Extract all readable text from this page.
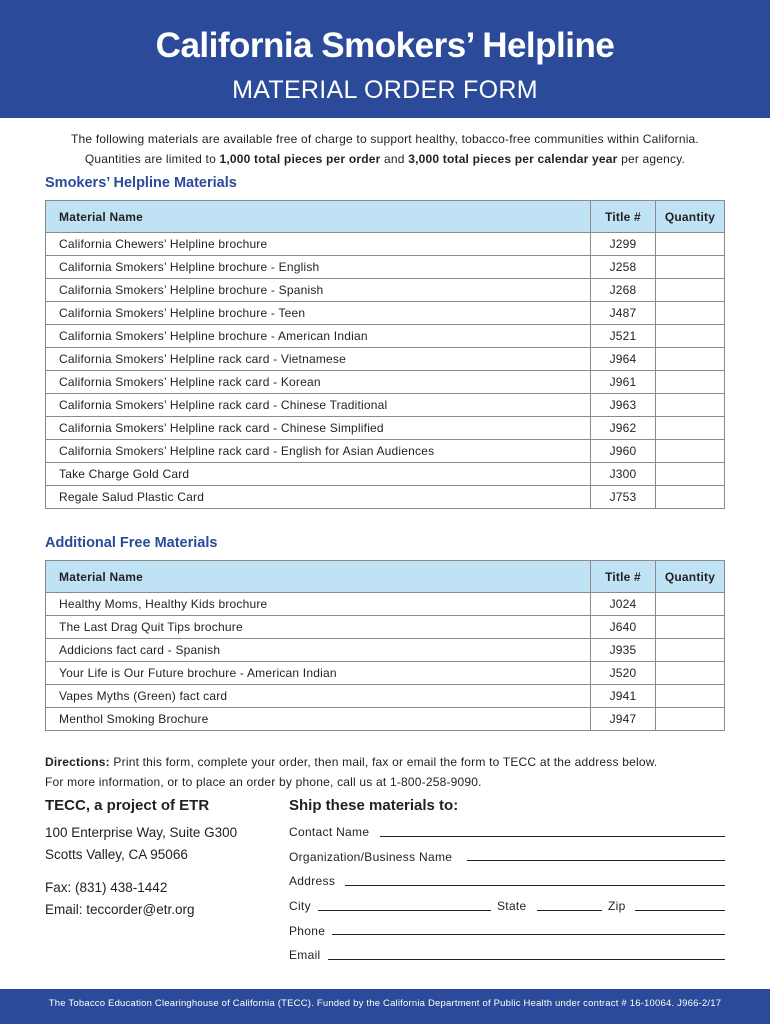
California Smokers’ Helpline
MATERIAL ORDER FORM
The following materials are available free of charge to support healthy, tobacco-free communities within California.
Quantities are limited to 1,000 total pieces per order and 3,000 total pieces per calendar year per agency.
Smokers’ Helpline Materials
Material Name	Title #	Quantity
California Chewers’ Helpline brochure	J299	
California Smokers’ Helpline brochure - English	J258	
California Smokers’ Helpline brochure - Spanish	J268	
California Smokers’ Helpline brochure - Teen	J487	
California Smokers’ Helpline brochure - American Indian	J521	
California Smokers’ Helpline rack card - Vietnamese	J964	
California Smokers’ Helpline rack card - Korean	J961	
California Smokers’ Helpline rack card - Chinese Traditional	J963	
California Smokers’ Helpline rack card - Chinese Simplified	J962	
California Smokers’ Helpline rack card - English for Asian Audiences	J960	
Take Charge Gold Card	J300	
Regale Salud Plastic Card	J753	
Additional Free Materials
Material Name	Title #	Quantity
Healthy Moms, Healthy Kids brochure	J024	
The Last Drag Quit Tips brochure	J640	
Addicions fact card - Spanish	J935	
Your Life is Our Future brochure - American Indian	J520	
Vapes Myths (Green) fact card	J941	
Menthol Smoking Brochure	J947	
Directions: Print this form, complete your order, then mail, fax or email the form to TECC at the address below.
For more information, or to place an order by phone, call us at 1-800-258-9090.
TECC, a project of ETR
100 Enterprise Way, Suite G300
Scotts Valley, CA 95066
Fax: (831) 438-1442
Email: teccorder@etr.org
Ship these materials to:
Contact Name
Organization/Business Name
Address
City	State	Zip
Phone
Email
The Tobacco Education Clearinghouse of California (TECC). Funded by the California Department of Public Health under contract # 16-10064. J966-2/17
